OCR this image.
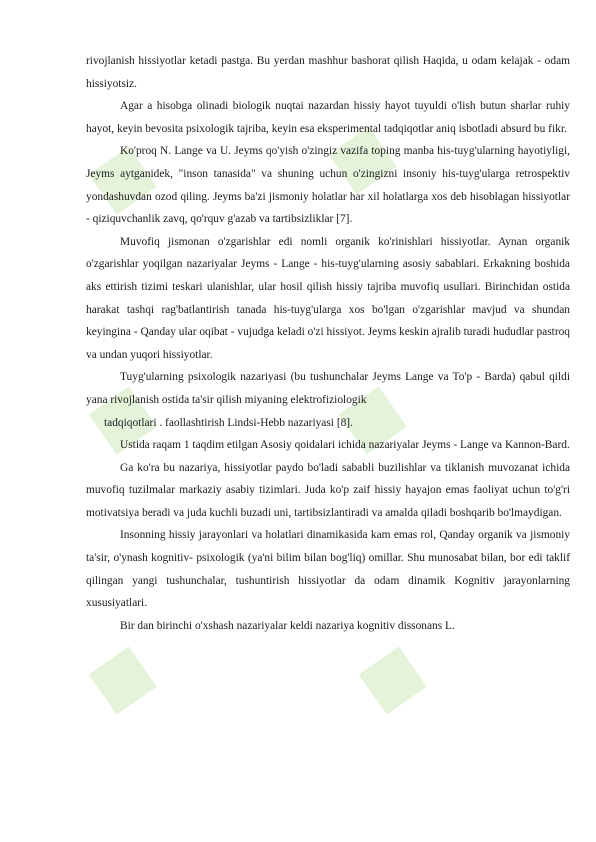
■ ■
■ ■
■	■

rivojlanish hissiyotlar ketadi pastga. Bu yerdan mashhur bashorat qilish Haqida, u odam kelajak - odam hissiyotsiz.

Agar a hisobga olinadi biologik nuqtai nazardan hissiy hayot tuyuldi o'lish butun sharlar ruhiy hayot, keyin bevosita psixologik tajriba, keyin esa eksperimental tadqiqotlar aniq isbotladi absurd bu fikr.

Ko'proq N. Lange va U. Jeyms qo'yish o'zingiz vazifa toping manba his-tuyg'ularning hayotiyligi, Jeyms aytganidek, "inson tanasida" va shuning uchun o'zingizni insoniy his-tuyg'ularga retrospektiv yondashuvdan ozod qiling. Jeyms ba'zi jismoniy holatlar har xil holatlarga xos deb hisoblagan hissiyotlar - qiziquvchanlik zavq, qo'rquv g'azab va tartibsizliklar [7].

Muvofiq jismonan o'zgarishlar edi nomli organik ko'rinishlari hissiyotlar. Aynan organik o'zgarishlar yoqilgan nazariyalar Jeyms - Lange - his-tuyg'ularning asosiy sabablari. Erkakning boshida aks ettirish tizimi teskari ulanishlar, ular hosil qilish hissiy tajriba muvofiq usullari. Birinchidan ostida harakat tashqi rag'batlantirish tanada his-tuyg'ularga xos bo'lgan o'zgarishlar mavjud va shundan keyingina - Qanday ular oqibat - vujudga keladi o'zi hissiyot. Jeyms keskin ajralib turadi hududlar pastroq va undan yuqori hissiyotlar.

Tuyg'ularning psixologik nazariyasi (bu tushunchalar Jeyms Lange va To'p - Barda) qabul qildi yana rivojlanish ostida ta'sir qilish miyaning elektrofiziologik

tadqiqotlari . faollashtirish Lindsi-Hebb nazariyasi [8].

Ustida raqam 1 taqdim etilgan Asosiy qoidalari ichida nazariyalar Jeyms - Lange va Kannon-Bard.

Ga ko'ra bu nazariya, hissiyotlar paydo bo'ladi sababli buzilishlar va tiklanish muvozanat ichida muvofiq tuzilmalar markaziy asabiy tizimlari. Juda ko'p zaif hissiy hayajon emas faoliyat uchun to'g'ri motivatsiya beradi va juda kuchli buzadi uni, tartibsizlantiradi va amalda qiladi boshqarib bo'lmaydigan.

Insonning hissiy jarayonlari va holatlari dinamikasida kam emas rol, Qanday organik va jismoniy ta'sir, o'ynash kognitiv- psixologik (ya'ni bilim bilan bog'liq) omillar. Shu munosabat bilan, bor edi taklif qilingan yangi tushunchalar, tushuntirish hissiyotlar da odam dinamik Kognitiv jarayonlarning xususiyatlari.

Bir dan birinchi o'xshash nazariyalar keldi nazariya kognitiv dissonans L.
